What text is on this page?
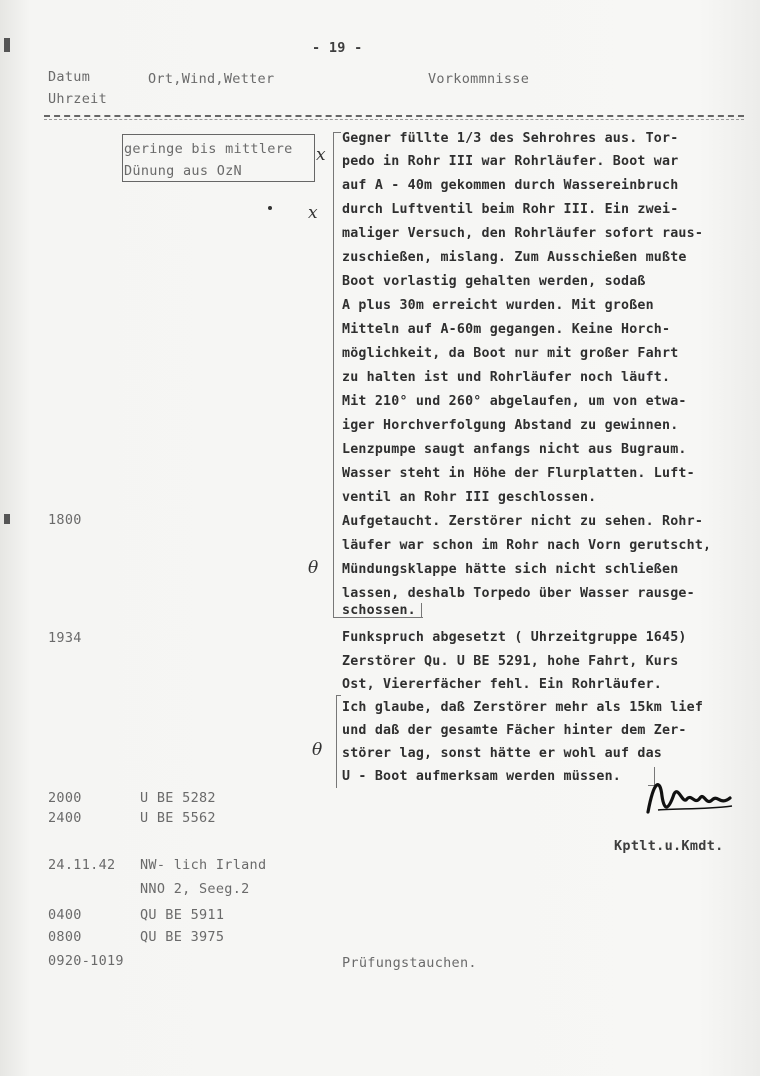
- 19 -
Datum
Uhrzeit
Ort,Wind,Wetter	Vorkommnisse
geringe bis mittlere
Dünung aus OzN
x
x
θ
θ
Gegner füllte 1/3 des Sehrohres aus. Tor-
pedo in Rohr III war Rohrläufer. Boot war
auf A - 40m gekommen durch Wassereinbruch
durch Luftventil beim Rohr III. Ein zwei-
maliger Versuch, den Rohrläufer sofort raus-
zuschießen, mislang. Zum Ausschießen mußte
Boot vorlastig gehalten werden, sodaß
A plus 30m erreicht wurden. Mit großen
Mitteln auf A-60m gegangen. Keine Horch-
möglichkeit, da Boot nur mit großer Fahrt
zu halten ist und Rohrläufer noch läuft.
Mit 210° und 260° abgelaufen, um von etwa-
iger Horchverfolgung Abstand zu gewinnen.
Lenzpumpe saugt anfangs nicht aus Bugraum.
Wasser steht in Höhe der Flurplatten. Luft-
ventil an Rohr III geschlossen.
1800	Aufgetaucht. Zerstörer nicht zu sehen. Rohr-
läufer war schon im Rohr nach Vorn gerutscht,
Mündungsklappe hätte sich nicht schließen
lassen, deshalb Torpedo über Wasser rausge-
schossen.
1934	Funkspruch abgesetzt ( Uhrzeitgruppe 1645)
Zerstörer Qu. U BE 5291, hohe Fahrt, Kurs
Ost, Viererfächer fehl. Ein Rohrläufer.
Ich glaube, daß Zerstörer mehr als 15km lief
und daß der gesamte Fächer hinter dem Zer-
störer lag, sonst hätte er wohl auf das
U - Boot aufmerksam werden müssen.
2000	U BE 5282
2400	U BE 5562
Kptlt.u.Kmdt.
24.11.42 NW- lich Irland
NNO 2, Seeg.2
0400	QU BE 5911
0800	QU BE 3975
0920-1019	Prüfungstauchen.
